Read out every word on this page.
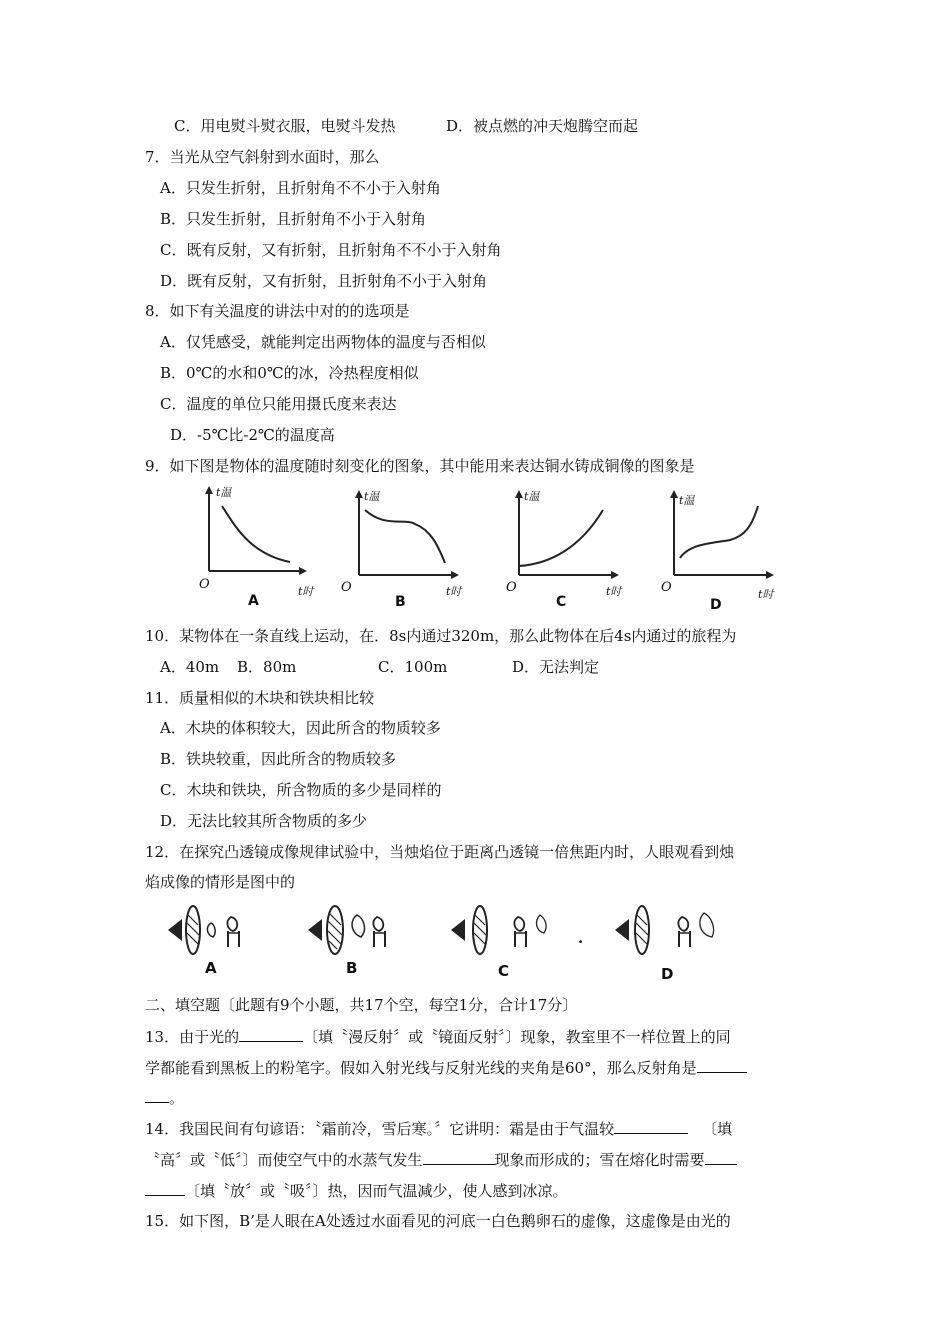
C．用电熨斗熨衣服，电熨斗发热	D．被点燃的冲天炮腾空而起
7．当光从空气斜射到水面时，那么
A．只发生折射，且折射角不不小于入射角
B．只发生折射，且折射角不小于入射角
C．既有反射，又有折射，且折射角不不小于入射角
D．既有反射，又有折射，且折射角不小于入射角
8．如下有关温度的讲法中对的的选项是
A．仅凭感受，就能判定出两物体的温度与否相似
B．0℃的水和0℃的冰，冷热程度相似
C．温度的单位只能用摄氏度来表达
D．-5℃比-2℃的温度高
9．如下图是物体的温度随时刻变化的图象，其中能用来表达铜水铸成铜像的图象是
O
t温
t时
A
O
t温
t时
B
O
t温
t时
C
O
t温
t时
D
10．某物体在一条直线上运动，在．8s内通过320m，那么此物体在后4s内通过的旅程为
A．40m B．80m	C．100m	D．无法判定
11．质量相似的木块和铁块相比较
A．木块的体积较大，因此所含的物质较多
B．铁块较重，因此所含的物质较多
C．木块和铁块，所含物质的多少是同样的
D．无法比较其所含物质的多少
12．在探究凸透镜成像规律试验中，当烛焰位于距离凸透镜一倍焦距内时，人眼观看到烛
焰成像的情形是图中的
A	B	C
.
D
二、填空题〔此题有9个小题，共17个空，每空1分，合计17分〕
13．由于光的	〔填〝漫反射〞或〝镜面反射〞〕现象，教室里不一样位置上的同
学都能看到黑板上的粉笔字。假如入射光线与反射光线的夹角是60°，那么反射角是
。
14．我国民间有句谚语：〝霜前冷，雪后寒。〞它讲明：霜是由于气温较	〔填
〝高〞或〝低〞〕而使空气中的水蒸气发生	现象而形成的；雪在熔化时需要
〔填〝放〞或〝吸〞〕热，因而气温减少，使人感到冰凉。
15．如下图，B’是人眼在A处透过水面看见的河底一白色鹅卵石的虚像，这虚像是由光的
